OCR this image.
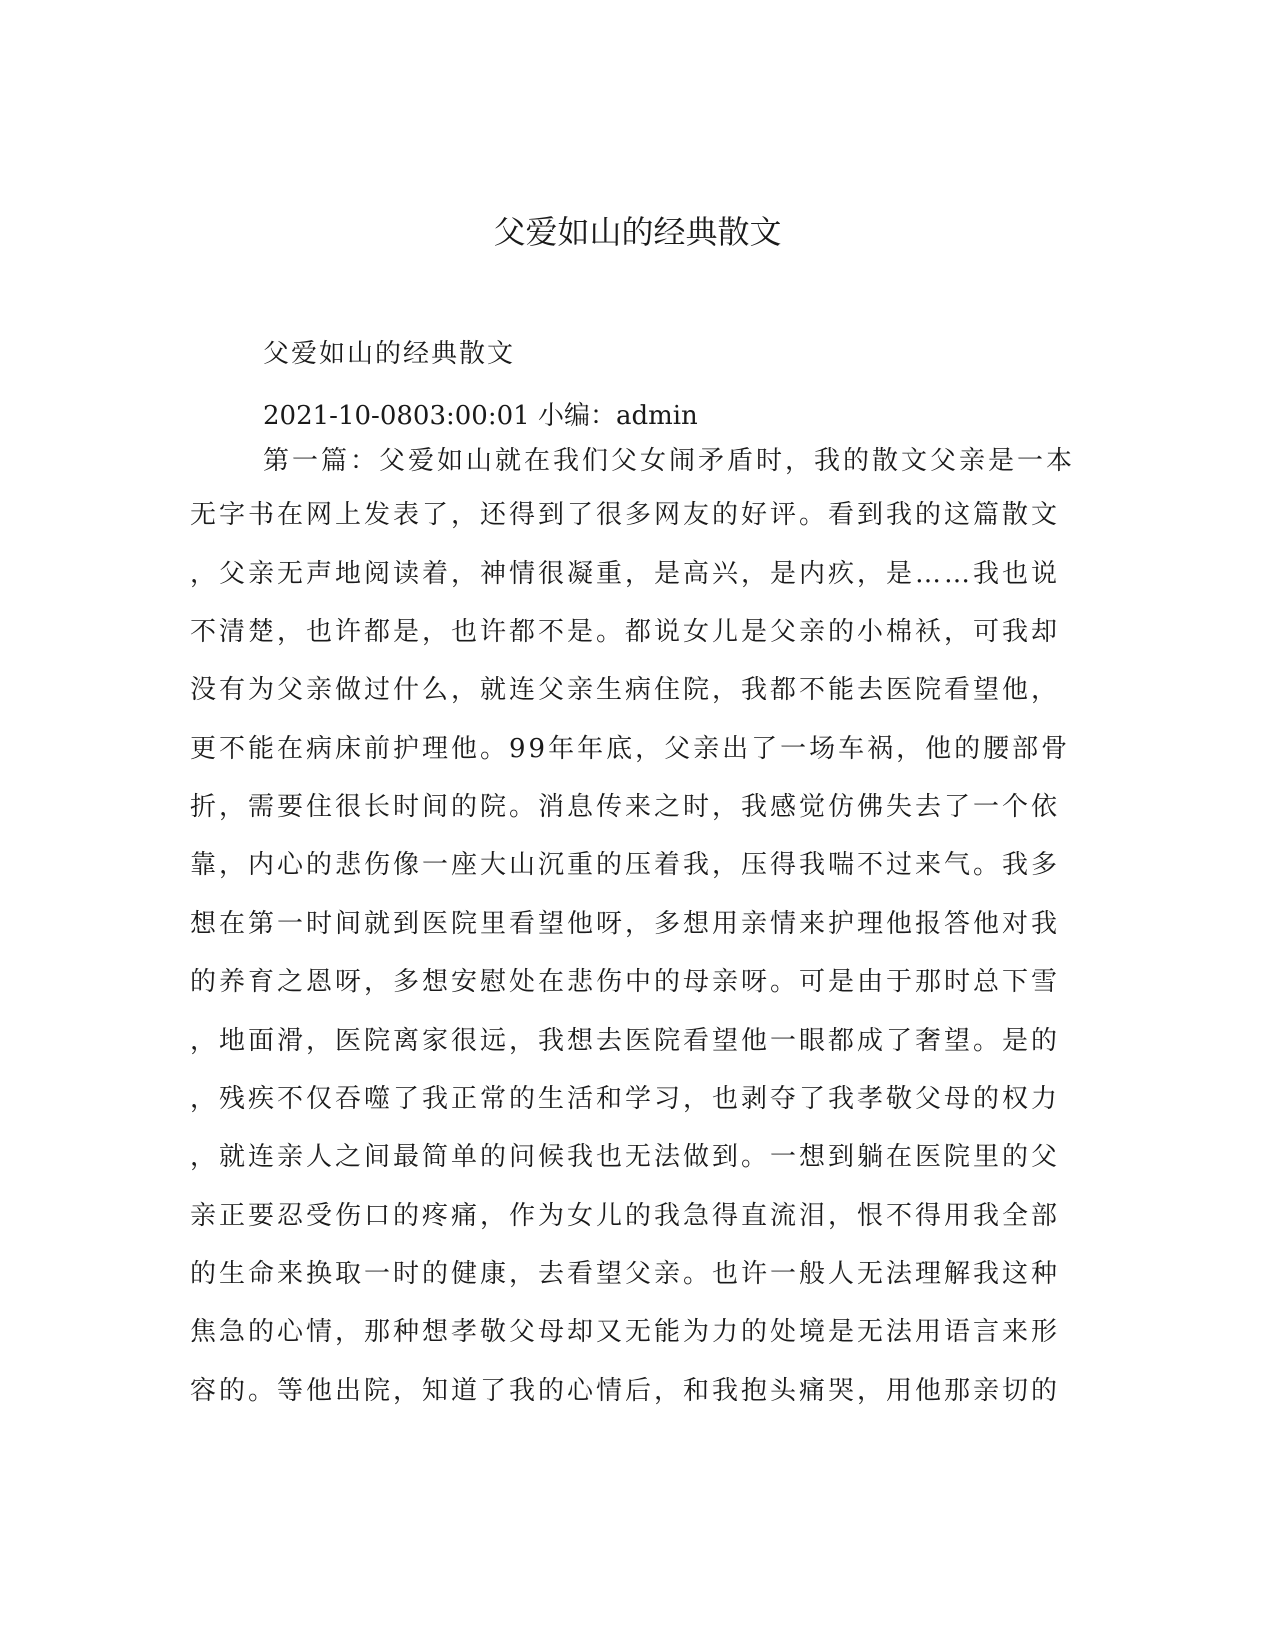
父爱如山的经典散文
父爱如山的经典散文
2021-10-0803:00:01 小编：admin
第一篇：父爱如山就在我们父女闹矛盾时，我的散文父亲是一本
无字书在网上发表了，还得到了很多网友的好评。看到我的这篇散文
，父亲无声地阅读着，神情很凝重，是高兴，是内疚，是……我也说
不清楚，也许都是，也许都不是。都说女儿是父亲的小棉袄，可我却
没有为父亲做过什么，就连父亲生病住院，我都不能去医院看望他，
更不能在病床前护理他。99年年底，父亲出了一场车祸，他的腰部骨
折，需要住很长时间的院。消息传来之时，我感觉仿佛失去了一个依
靠，内心的悲伤像一座大山沉重的压着我，压得我喘不过来气。我多
想在第一时间就到医院里看望他呀，多想用亲情来护理他报答他对我
的养育之恩呀，多想安慰处在悲伤中的母亲呀。可是由于那时总下雪
，地面滑，医院离家很远，我想去医院看望他一眼都成了奢望。是的
，残疾不仅吞噬了我正常的生活和学习，也剥夺了我孝敬父母的权力
，就连亲人之间最简单的问候我也无法做到。一想到躺在医院里的父
亲正要忍受伤口的疼痛，作为女儿的我急得直流泪，恨不得用我全部
的生命来换取一时的健康，去看望父亲。也许一般人无法理解我这种
焦急的心情，那种想孝敬父母却又无能为力的处境是无法用语言来形
容的。等他出院，知道了我的心情后，和我抱头痛哭，用他那亲切的
